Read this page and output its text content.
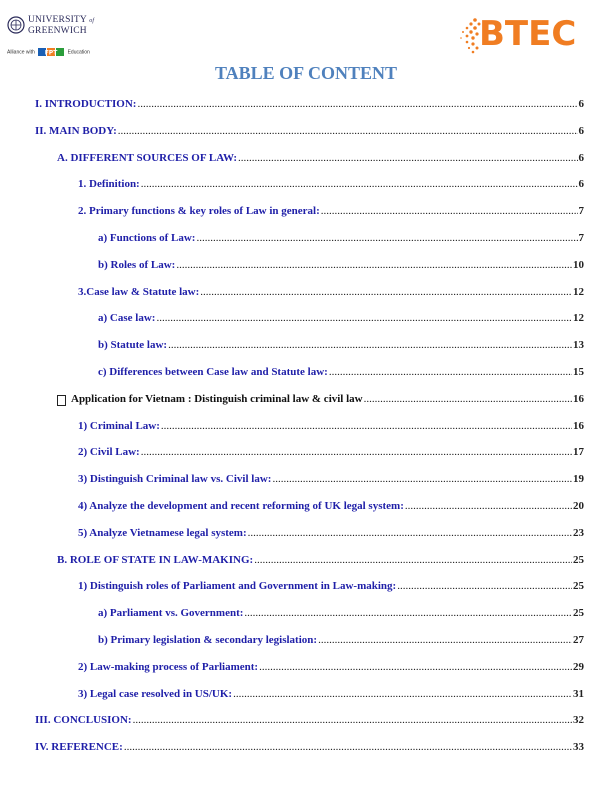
UNIVERSITY of
GREENWICH
Alliance with FPT Education	BTEC
TABLE OF CONTENT
I. INTRODUCTION: .....	6
II. MAIN BODY: .....	6
A. DIFFERENT SOURCES OF LAW: .....	6
1. Definition: .....	6
2. Primary functions & key roles of Law in general: .....	7
a) Functions of Law: .....	7
b) Roles of Law: .....	10
3.Case law & Statute law: .....	12
a) Case law: .....	12
b) Statute law: .....	13
c) Differences between Case law and Statute law: .....	15
Application for Vietnam : Distinguish criminal law & civil law .....	16
1) Criminal Law: .....	16
2) Civil Law: .....	17
3) Distinguish Criminal law vs. Civil law: .....	19
4) Analyze the development and recent reforming of UK legal system: .....	20
5) Analyze Vietnamese legal system: .....	23
B. ROLE OF STATE IN LAW-MAKING: .....	25
1) Distinguish roles of Parliament and Government in Law-making: .....	25
a) Parliament vs. Government: .....	25
b) Primary legislation & secondary legislation: .....	27
2) Law-making process of Parliament: .....	29
3) Legal case resolved in US/UK: .....	31
III. CONCLUSION: .....	32
IV. REFERENCE: .....	33
